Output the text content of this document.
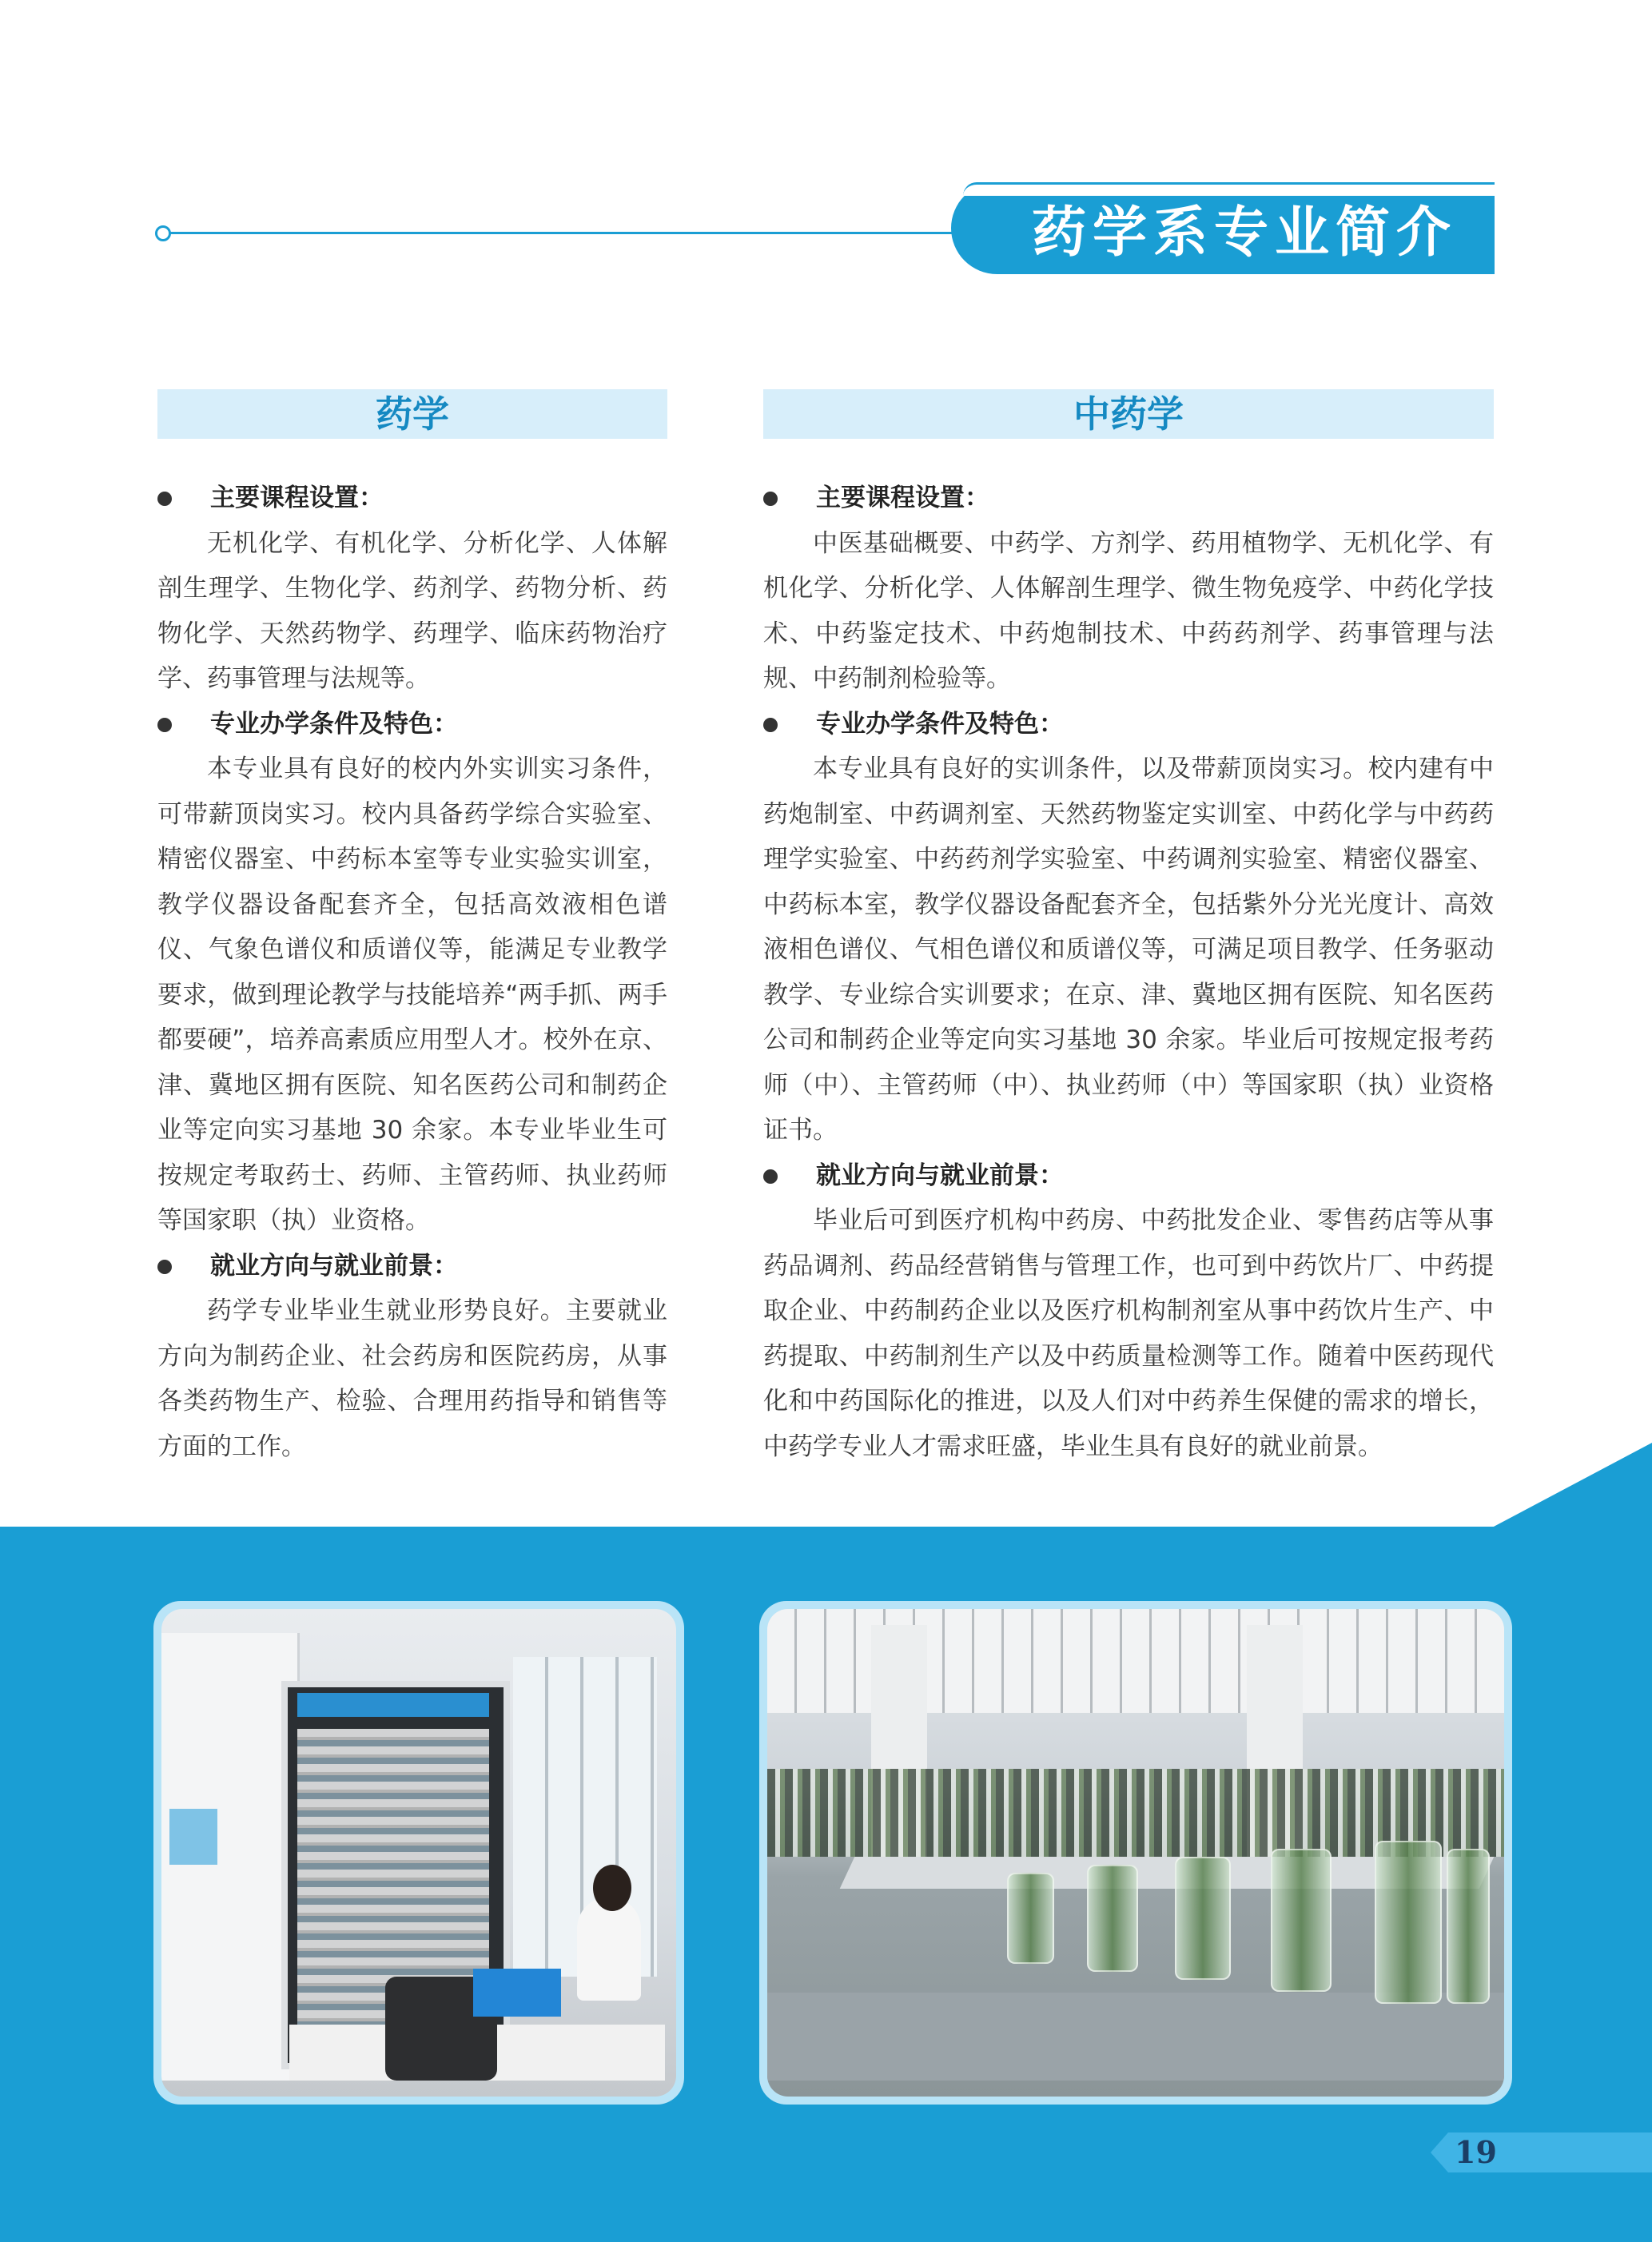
药学系专业简介
药学	中药学
主要课程设置：

无机化学、有机化学、分析化学、人体解剖生理学、生物化学、药剂学、药物分析、药物化学、天然药物学、药理学、临床药物治疗学、药事管理与法规等。

专业办学条件及特色：

本专业具有良好的校内外实训实习条件，可带薪顶岗实习。校内具备药学综合实验室、精密仪器室、中药标本室等专业实验实训室，教学仪器设备配套齐全，包括高效液相色谱仪、气象色谱仪和质谱仪等，能满足专业教学要求，做到理论教学与技能培养“两手抓、两手都要硬”，培养高素质应用型人才。校外在京、津、冀地区拥有医院、知名医药公司和制药企业等定向实习基地 30 余家。本专业毕业生可按规定考取药士、药师、主管药师、执业药师等国家职（执）业资格。

就业方向与就业前景：

药学专业毕业生就业形势良好。主要就业方向为制药企业、社会药房和医院药房，从事各类药物生产、检验、合理用药指导和销售等方面的工作。

主要课程设置：

中医基础概要、中药学、方剂学、药用植物学、无机化学、有机化学、分析化学、人体解剖生理学、微生物免疫学、中药化学技术、中药鉴定技术、中药炮制技术、中药药剂学、药事管理与法规、中药制剂检验等。

专业办学条件及特色：

本专业具有良好的实训条件，以及带薪顶岗实习。校内建有中药炮制室、中药调剂室、天然药物鉴定实训室、中药化学与中药药理学实验室、中药药剂学实验室、中药调剂实验室、精密仪器室、中药标本室，教学仪器设备配套齐全，包括紫外分光光度计、高效液相色谱仪、气相色谱仪和质谱仪等，可满足项目教学、任务驱动教学、专业综合实训要求；在京、津、冀地区拥有医院、知名医药公司和制药企业等定向实习基地 30 余家。毕业后可按规定报考药师（中）、主管药师（中）、执业药师（中）等国家职（执）业资格证书。

就业方向与就业前景：

毕业后可到医疗机构中药房、中药批发企业、零售药店等从事药品调剂、药品经营销售与管理工作，也可到中药饮片厂、中药提取企业、中药制药企业以及医疗机构制剂室从事中药饮片生产、中药提取、中药制剂生产以及中药质量检测等工作。随着中医药现代化和中药国际化的推进，以及人们对中药养生保健的需求的增长，中药学专业人才需求旺盛，毕业生具有良好的就业前景。

19
